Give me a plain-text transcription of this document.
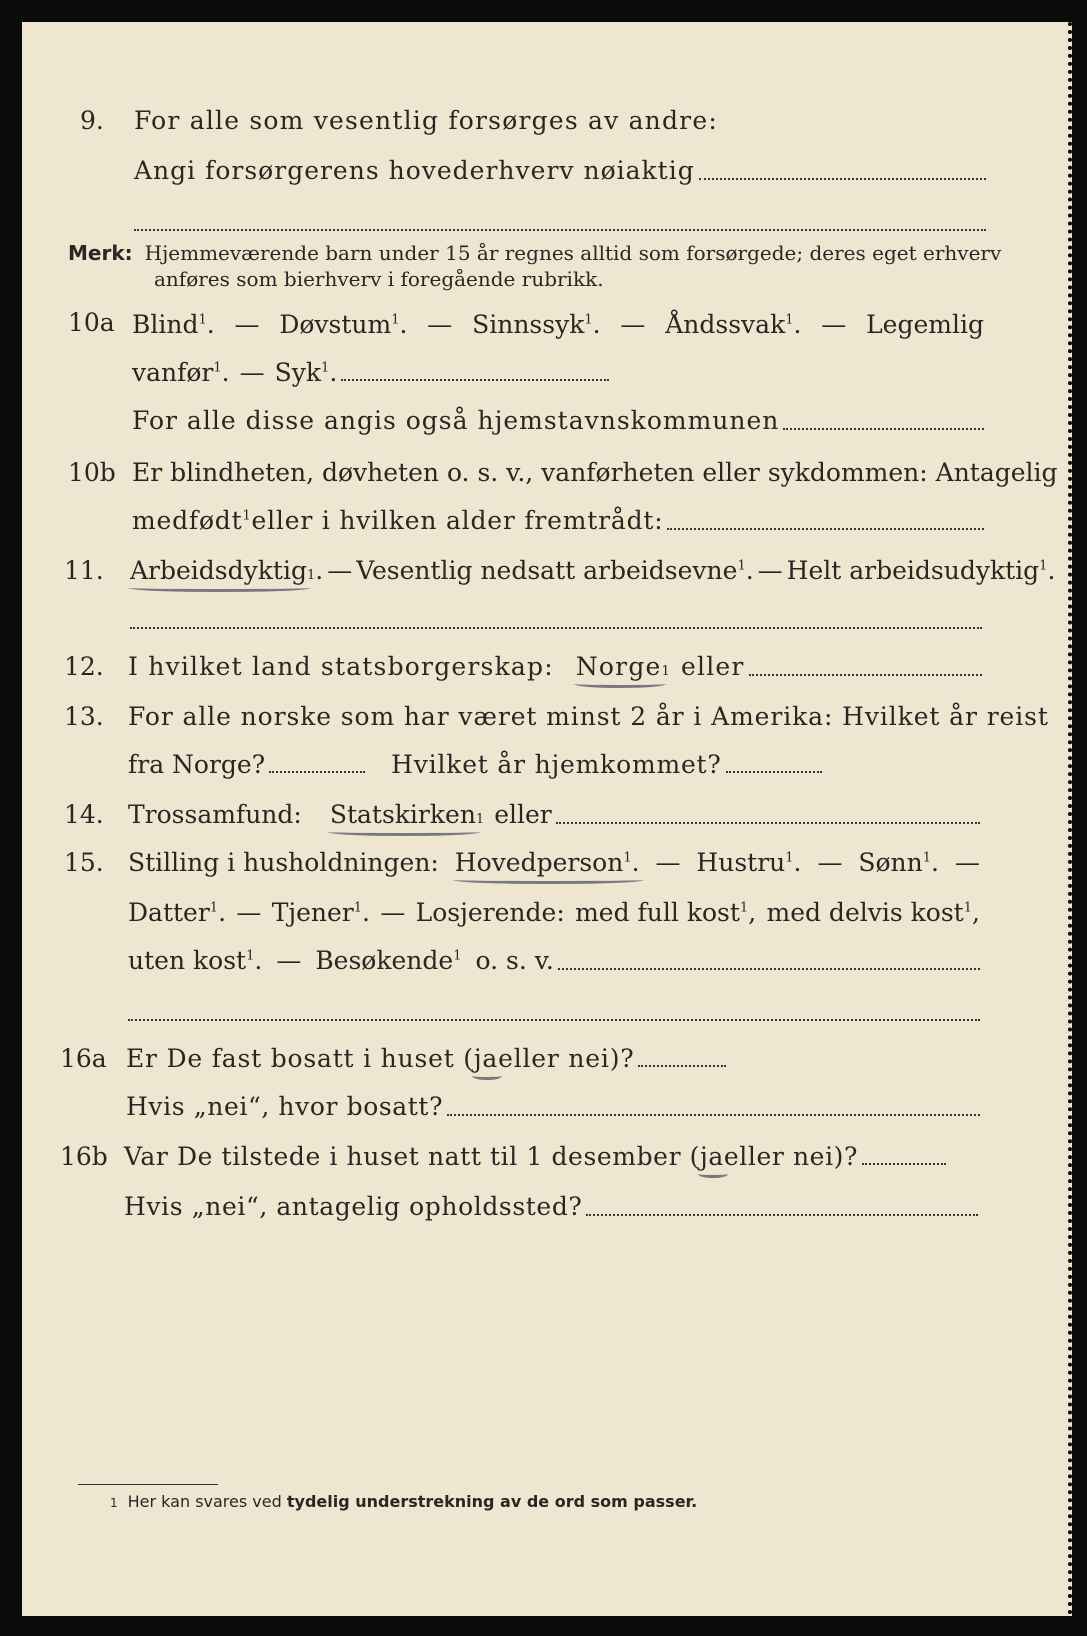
9. For alle som vesentlig forsørges av andre:
Angi forsørgerens hovederhverv nøiaktig
Merk: Hjemmeværende barn under 15 år regnes alltid som forsørgede; deres eget erhverv
anføres som bierhverv i foregående rubrikk.
10a Blind$^1$. — Døvstum$^1$. — Sinnssyk$^1$. — Åndssvak$^1$. — Legemlig
vanfør$^1$. — Syk$^1$.
For alle disse angis også hjemstavnskommunen
10b Er blindheten, døvheten o. s. v., vanførheten eller sykdommen: Antagelig
medfødt$^1$ eller i hvilken alder fremtrådt:
11. Arbeidsdyktig 1 . — Vesentlig nedsatt arbeidsevne$^1$. — Helt arbeidsudyktig$^1$.
12. I hvilket land statsborgerskap: Norge 1 eller
13. For alle norske som har været minst 2 år i Amerika: Hvilket år reist
fra Norge?	Hvilket år hjemkommet?
14. Trossamfund: Statskirken 1 eller
15. Stilling i husholdningen: Hovedperson
$^1$. — Hustru$^1$. — Sønn$^1$. —
Datter$^1$. — Tjener$^1$. — Losjerende: med full kost$^1$, med delvis kost$^1$,
uten kost$^1$. — Besøkende$^1$ o. s. v.
16a Er De fast bosatt i huset ( ja eller nei)?
Hvis „nei“, hvor bosatt?
16b Var De tilstede i huset natt til 1 desember ( ja eller nei)?
Hvis „nei“, antagelig opholdssted?
1 Her kan svares ved tydelig understrekning av de ord som passer.
